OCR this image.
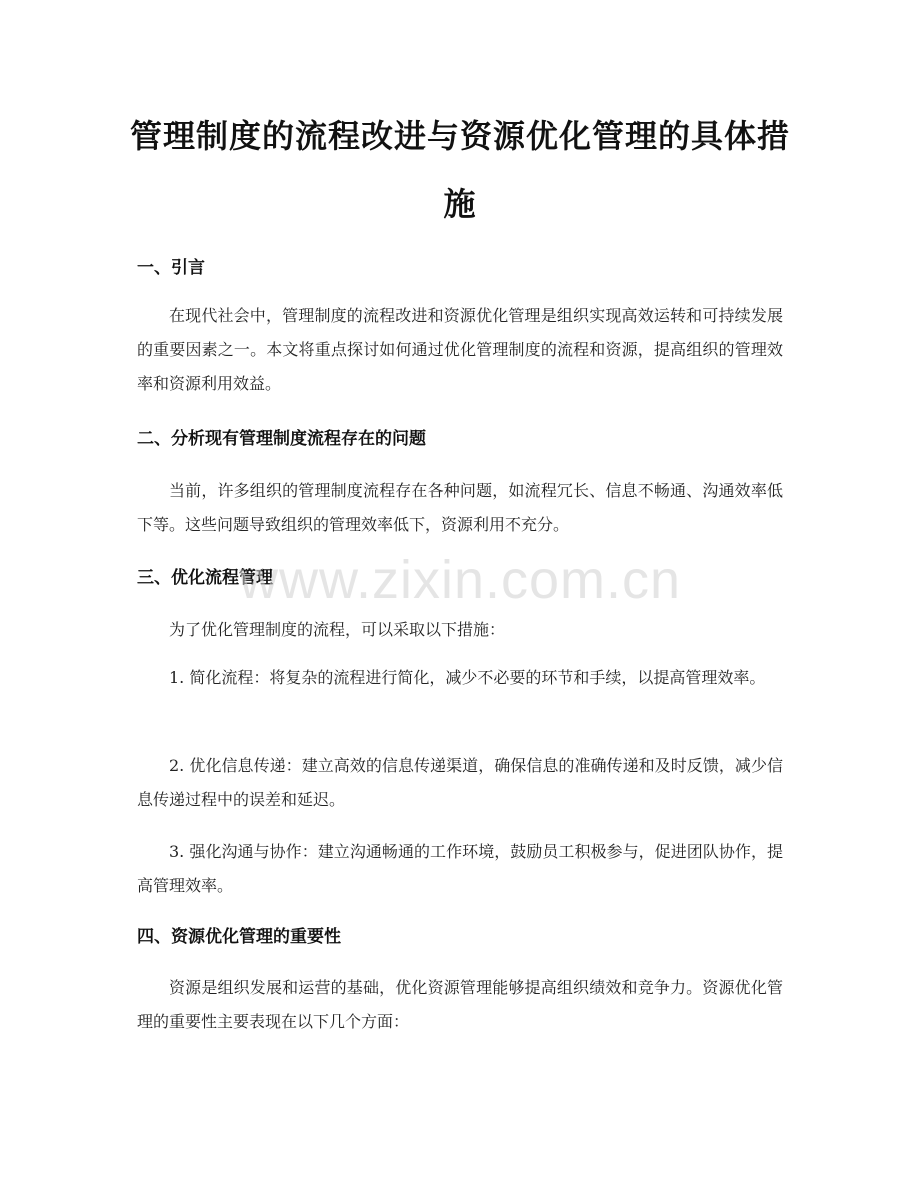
管理制度的流程改进与资源优化管理的具体措施
一、引言

在现代社会中，管理制度的流程改进和资源优化管理是组织实现高效运转和可持续发展的重要因素之一。本文将重点探讨如何通过优化管理制度的流程和资源，提高组织的管理效率和资源利用效益。

二、分析现有管理制度流程存在的问题

当前，许多组织的管理制度流程存在各种问题，如流程冗长、信息不畅通、沟通效率低下等。这些问题导致组织的管理效率低下，资源利用不充分。

三、优化流程管理

为了优化管理制度的流程，可以采取以下措施：

1. 简化流程：将复杂的流程进行简化，减少不必要的环节和手续，以提高管理效率。

2. 优化信息传递：建立高效的信息传递渠道，确保信息的准确传递和及时反馈，减少信息传递过程中的误差和延迟。

3. 强化沟通与协作：建立沟通畅通的工作环境，鼓励员工积极参与，促进团队协作，提高管理效率。

四、资源优化管理的重要性

资源是组织发展和运营的基础，优化资源管理能够提高组织绩效和竞争力。资源优化管理的重要性主要表现在以下几个方面：

www.zixin.com.cn
